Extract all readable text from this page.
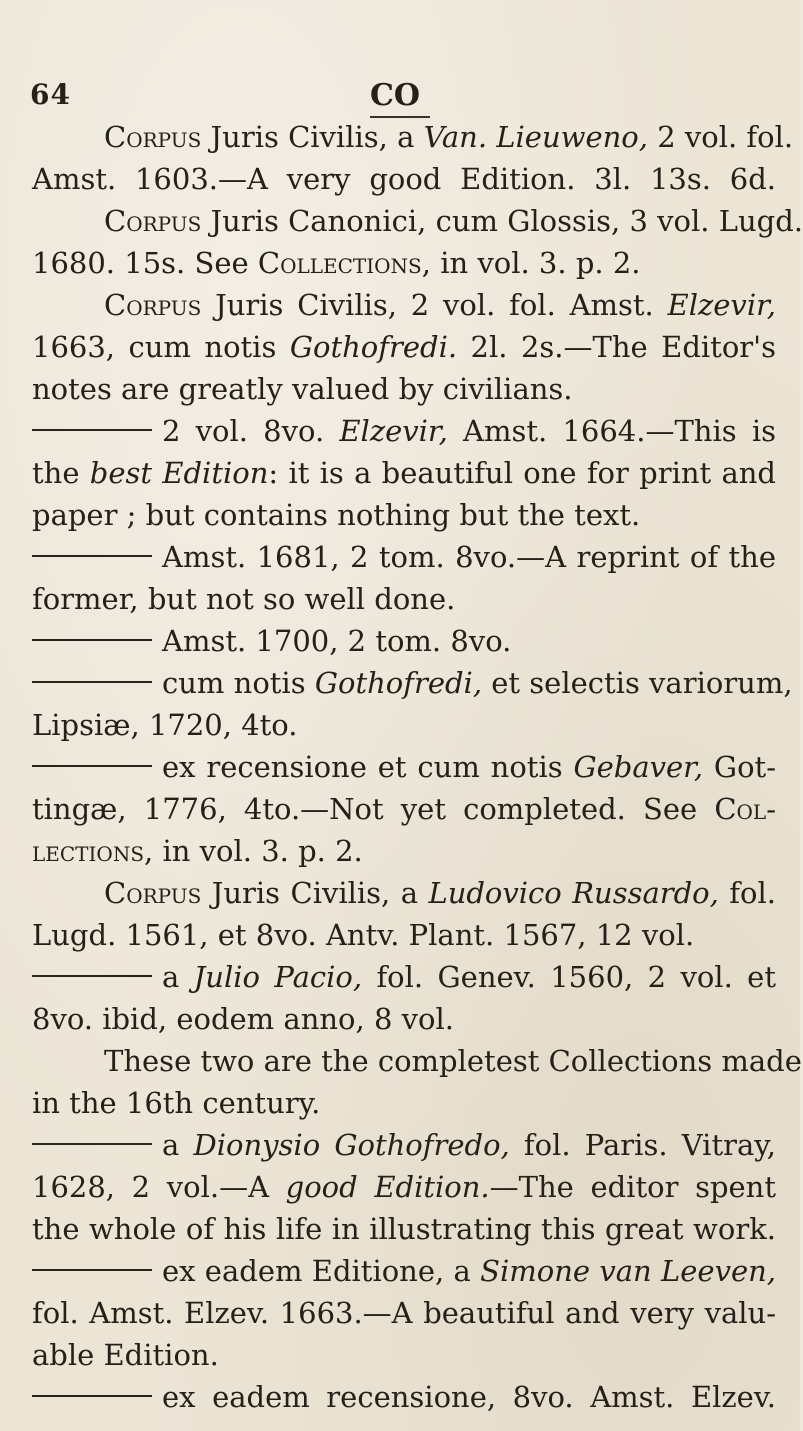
64	CO
Corpus Juris Civilis, a Van. Lieuweno, 2 vol. fol.
Amst. 1603.—A very good Edition. 3l. 13s. 6d.
Corpus Juris Canonici, cum Glossis, 3 vol. Lugd.
1680. 15s. See Collections, in vol. 3. p. 2.
Corpus Juris Civilis, 2 vol. fol. Amst. Elzevir,
1663, cum notis Gothofredi. 2l. 2s.—The Editor's
notes are greatly valued by civilians.
2 vol. 8vo. Elzevir, Amst. 1664.—This is
the best Edition: it is a beautiful one for print and
paper ; but contains nothing but the text.
Amst. 1681, 2 tom. 8vo.—A reprint of the
former, but not so well done.
Amst. 1700, 2 tom. 8vo.
cum notis Gothofredi, et selectis variorum,
Lipsiæ, 1720, 4to.
ex recensione et cum notis Gebaver, Got-
tingæ, 1776, 4to.—Not yet completed. See Col-
lections, in vol. 3. p. 2.
Corpus Juris Civilis, a Ludovico Russardo, fol.
Lugd. 1561, et 8vo. Antv. Plant. 1567, 12 vol.
a Julio Pacio, fol. Genev. 1560, 2 vol. et
8vo. ibid, eodem anno, 8 vol.
These two are the completest Collections made
in the 16th century.
a Dionysio Gothofredo, fol. Paris. Vitray,
1628, 2 vol.—A good Edition.—The editor spent
the whole of his life in illustrating this great work.
ex eadem Editione, a Simone van Leeven,
fol. Amst. Elzev. 1663.—A beautiful and very valu-
able Edition.
ex eadem recensione, 8vo. Amst. Elzev.
